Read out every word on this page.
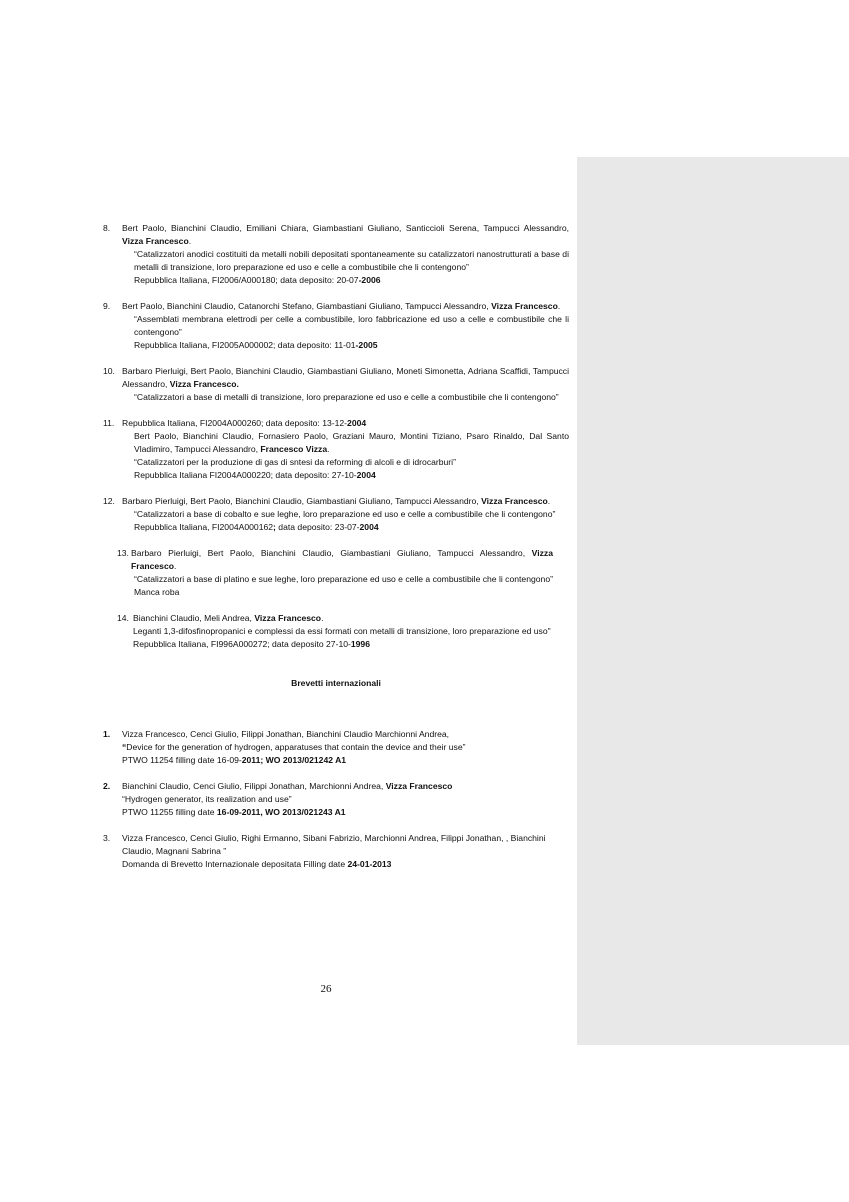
8.	Bert Paolo, Bianchini Claudio, Emiliani Chiara, Giambastiani Giuliano, Santiccioli Serena, Tampucci Alessandro, Vizza Francesco.
“Catalizzatori anodici costituiti da metalli nobili depositati spontaneamente su catalizzatori nanostrutturati a base di metalli di transizione, loro preparazione ed uso e celle a combustibile che li contengono”
Repubblica Italiana, FI2006/A000180; data deposito: 20-07-2006
9.	Bert Paolo, Bianchini Claudio, Catanorchi Stefano, Giambastiani Giuliano, Tampucci Alessandro, Vizza Francesco.
“Assemblati membrana elettrodi per celle a combustibile, loro fabbricazione ed uso a celle e combustibile che li contengono”
Repubblica Italiana, FI2005A000002; data deposito: 11-01-2005
10. Barbaro Pierluigi, Bert Paolo, Bianchini Claudio, Giambastiani Giuliano, Moneti Simonetta, Adriana Scaffidi, Tampucci Alessandro, Vizza Francesco.
“Catalizzatori a base di metalli di transizione, loro preparazione ed uso e celle a combustibile che li contengono”
11. Repubblica Italiana, FI2004A000260; data deposito: 13-12-2004
Bert Paolo, Bianchini Claudio, Fornasiero Paolo, Graziani Mauro, Montini Tiziano, Psaro Rinaldo, Dal Santo Vladimiro, Tampucci Alessandro, Francesco Vizza.
“Catalizzatori per la produzione di gas di sntesi da reforming di alcoli e di idrocarburi”
Repubblica Italiana FI2004A000220; data deposito: 27-10-2004
12. Barbaro Pierluigi, Bert Paolo, Bianchini Claudio, Giambastiani Giuliano, Tampucci Alessandro, Vizza Francesco.
“Catalizzatori a base di cobalto e sue leghe, loro preparazione ed uso e celle a combustibile che li contengono”
Repubblica Italiana, FI2004A000162; data deposito: 23-07-2004
13. Barbaro Pierluigi, Bert Paolo, Bianchini Claudio, Giambastiani Giuliano, Tampucci Alessandro, Vizza Francesco.
“Catalizzatori a base di platino e sue leghe, loro preparazione ed uso e celle a combustibile che li contengono”
Manca roba
14. Bianchini Claudio, Meli Andrea, Vizza Francesco.
Leganti 1,3-difosfinopropanici e complessi da essi formati con metalli di transizione, loro preparazione ed uso"
Repubblica Italiana, FI996A000272; data deposito 27-10-1996
Brevetti internazionali
1.	Vizza Francesco, Cenci Giulio, Filippi Jonathan, Bianchini Claudio Marchionni Andrea,
“Device for the generation of hydrogen, apparatuses that contain the device and their use”
PTWO 11254 filling date 16-09-2011; WO 2013/021242 A1
2.	Bianchini Claudio, Cenci Giulio, Filippi Jonathan, Marchionni Andrea, Vizza Francesco
“Hydrogen generator, its realization and use”
PTWO 11255 filling date 16-09-2011, WO 2013/021243 A1
3.	Vizza Francesco, Cenci Giulio, Righi Ermanno, Sibani Fabrizio, Marchionni Andrea, Filippi Jonathan, , Bianchini Claudio, Magnani Sabrina ”
Domanda di Brevetto Internazionale depositata Filling date 24-01-2013
26
